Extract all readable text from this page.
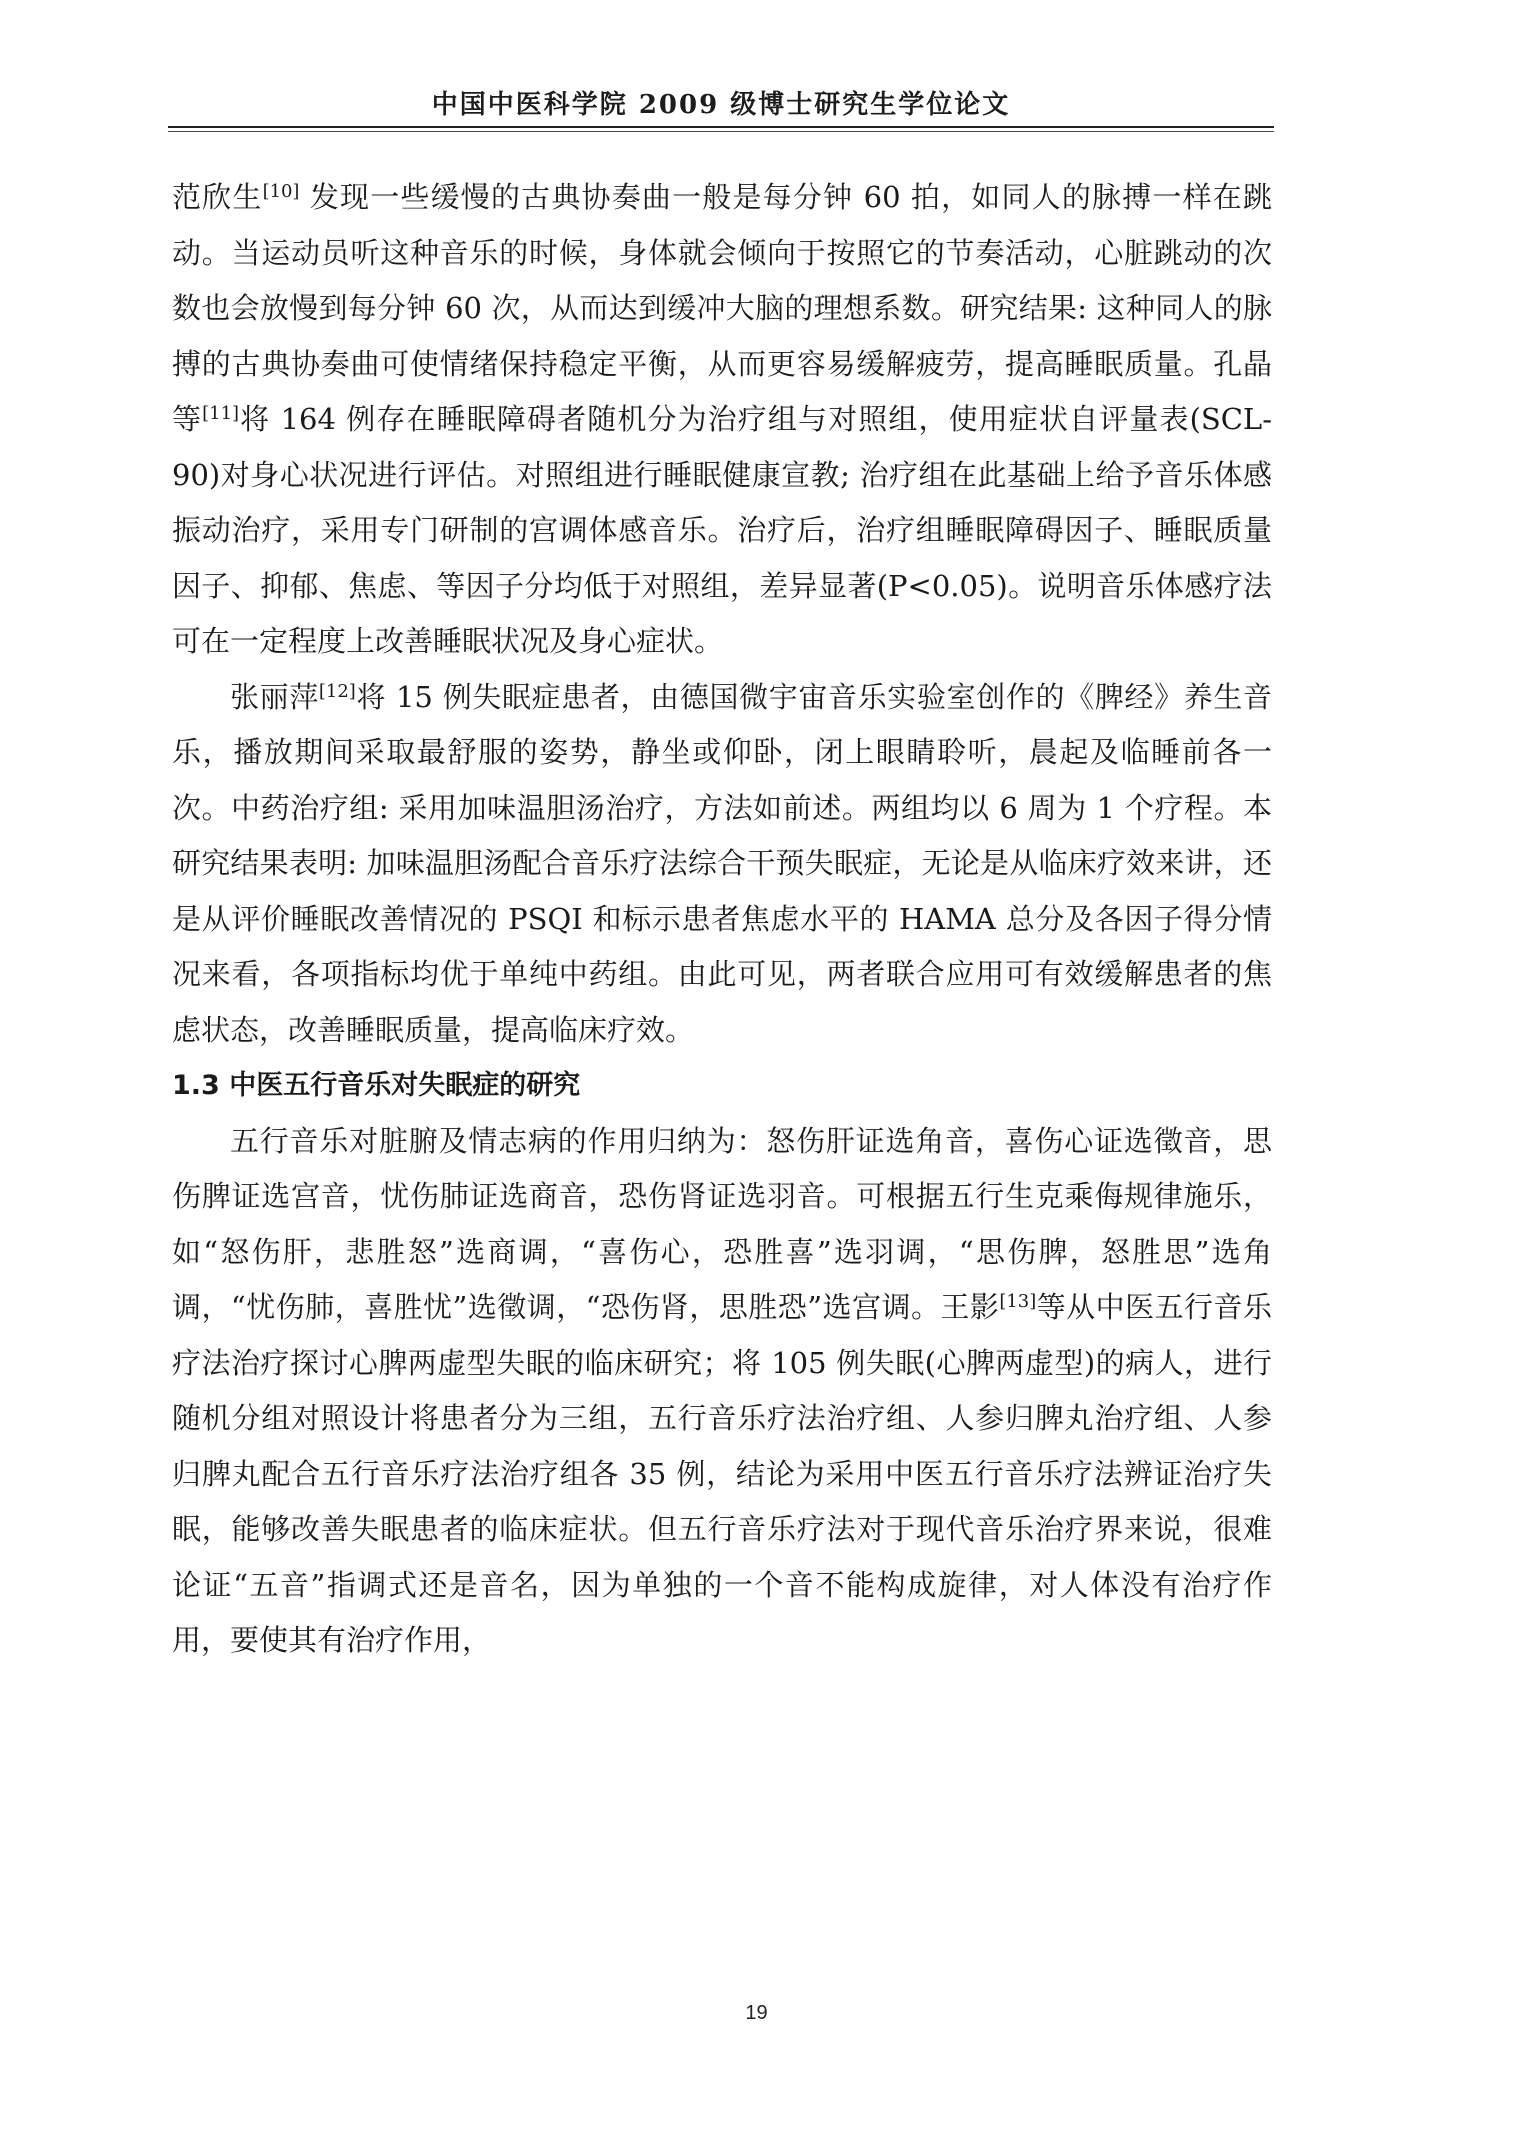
中国中医科学院 2009 级博士研究生学位论文

范欣生[10] 发现一些缓慢的古典协奏曲一般是每分钟 60 拍，如同人的脉搏一样在跳动。当运动员听这种音乐的时候，身体就会倾向于按照它的节奏活动，心脏跳动的次数也会放慢到每分钟 60 次，从而达到缓冲大脑的理想系数。研究结果: 这种同人的脉搏的古典协奏曲可使情绪保持稳定平衡，从而更容易缓解疲劳，提高睡眠质量。孔晶等[11]将 164 例存在睡眠障碍者随机分为治疗组与对照组，使用症状自评量表(SCL-90)对身心状况进行评估。对照组进行睡眠健康宣教; 治疗组在此基础上给予音乐体感振动治疗，采用专门研制的宫调体感音乐。治疗后，治疗组睡眠障碍因子、睡眠质量因子、抑郁、焦虑、等因子分均低于对照组，差异显著(P<0.05)。说明音乐体感疗法可在一定程度上改善睡眠状况及身心症状。

张丽萍[12]将 15 例失眠症患者，由德国微宇宙音乐实验室创作的《脾经》养生音乐，播放期间采取最舒服的姿势，静坐或仰卧，闭上眼睛聆听，晨起及临睡前各一次。中药治疗组: 采用加味温胆汤治疗，方法如前述。两组均以 6 周为 1 个疗程。本研究结果表明: 加味温胆汤配合音乐疗法综合干预失眠症，无论是从临床疗效来讲，还是从评价睡眠改善情况的 PSQI 和标示患者焦虑水平的 HAMA 总分及各因子得分情况来看，各项指标均优于单纯中药组。由此可见，两者联合应用可有效缓解患者的焦虑状态，改善睡眠质量，提高临床疗效。

1.3 中医五行音乐对失眠症的研究

五行音乐对脏腑及情志病的作用归纳为：怒伤肝证选角音，喜伤心证选徵音，思伤脾证选宫音，忧伤肺证选商音，恐伤肾证选羽音。可根据五行生克乘侮规律施乐，如“怒伤肝，悲胜怒”选商调，“喜伤心，恐胜喜”选羽调，“思伤脾，怒胜思”选角调，“忧伤肺，喜胜忧”选徵调，“恐伤肾，思胜恐”选宫调。王影[13]等从中医五行音乐疗法治疗探讨心脾两虚型失眠的临床研究；将 105 例失眠(心脾两虚型)的病人，进行随机分组对照设计将患者分为三组，五行音乐疗法治疗组、人参归脾丸治疗组、人参归脾丸配合五行音乐疗法治疗组各 35 例，结论为采用中医五行音乐疗法辨证治疗失眠，能够改善失眠患者的临床症状。但五行音乐疗法对于现代音乐治疗界来说，很难论证“五音”指调式还是音名，因为单独的一个音不能构成旋律，对人体没有治疗作用，要使其有治疗作用，

19
